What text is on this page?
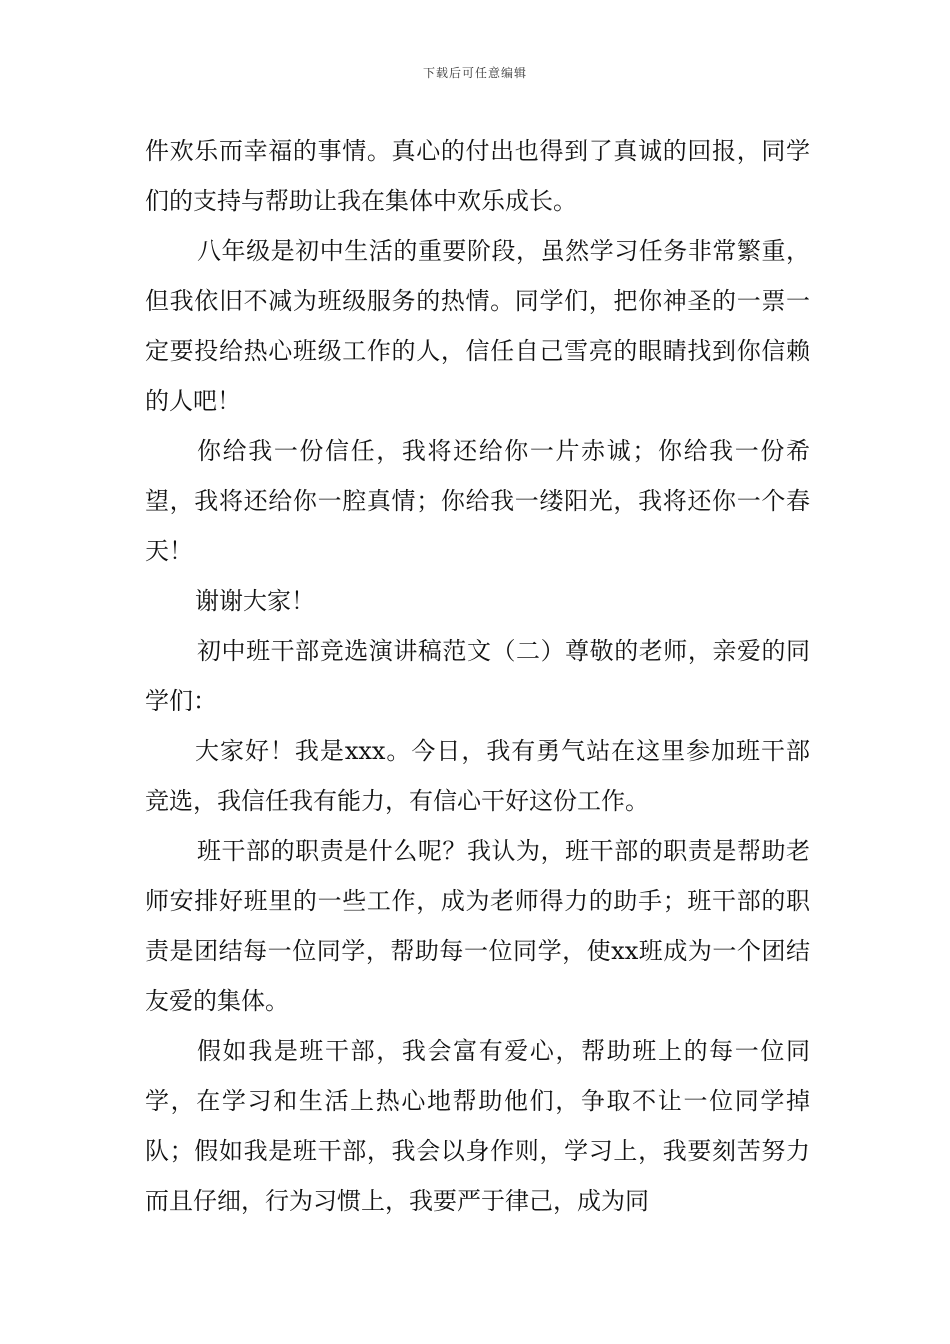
下载后可任意编辑

件欢乐而幸福的事情。真心的付出也得到了真诚的回报，同学们的支持与帮助让我在集体中欢乐成长。

八年级是初中生活的重要阶段，虽然学习任务非常繁重，但我依旧不减为班级服务的热情。同学们，把你神圣的一票一定要投给热心班级工作的人，信任自己雪亮的眼睛找到你信赖的人吧！

你给我一份信任，我将还给你一片赤诚；你给我一份希望，我将还给你一腔真情；你给我一缕阳光，我将还你一个春天！

谢谢大家！

初中班干部竞选演讲稿范文（二）尊敬的老师，亲爱的同学们：

大家好！我是xxx。今日，我有勇气站在这里参加班干部竞选，我信任我有能力，有信心干好这份工作。

班干部的职责是什么呢？我认为，班干部的职责是帮助老师安排好班里的一些工作，成为老师得力的助手；班干部的职责是团结每一位同学，帮助每一位同学，使xx班成为一个团结友爱的集体。

假如我是班干部，我会富有爱心，帮助班上的每一位同学，在学习和生活上热心地帮助他们，争取不让一位同学掉队；假如我是班干部，我会以身作则，学习上，我要刻苦努力而且仔细，行为习惯上，我要严于律己，成为同
